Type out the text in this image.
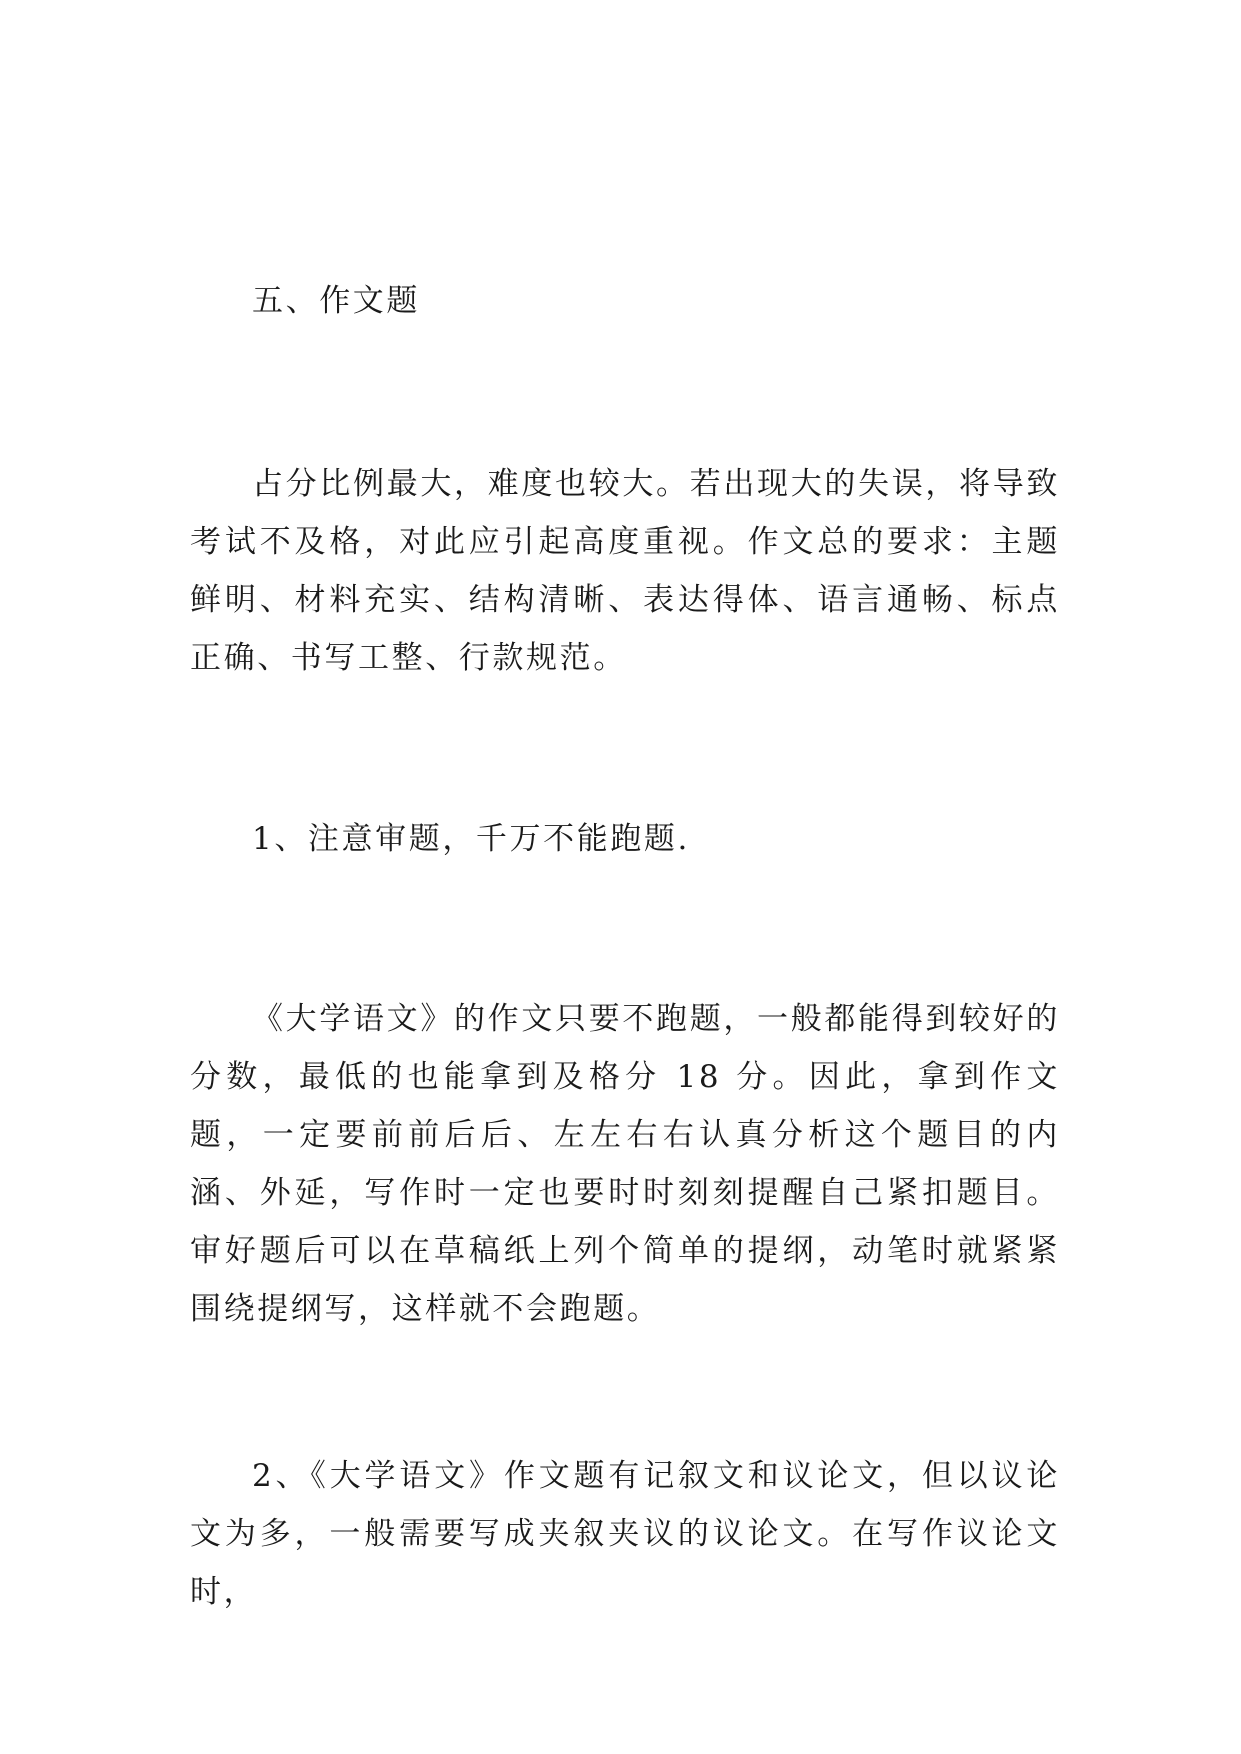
五、作文题

占分比例最大，难度也较大。若出现大的失误，将导致考试不及格，对此应引起高度重视。作文总的要求：主题鲜明、材料充实、结构清晰、表达得体、语言通畅、标点正确、书写工整、行款规范。

1、注意审题，千万不能跑题.

《大学语文》的作文只要不跑题，一般都能得到较好的分数，最低的也能拿到及格分 18 分。因此，拿到作文题，一定要前前后后、左左右右认真分析这个题目的内涵、外延，写作时一定也要时时刻刻提醒自己紧扣题目。审好题后可以在草稿纸上列个简单的提纲，动笔时就紧紧围绕提纲写，这样就不会跑题。

2、《大学语文》作文题有记叙文和议论文，但以议论文为多，一般需要写成夹叙夹议的议论文。在写作议论文时，
